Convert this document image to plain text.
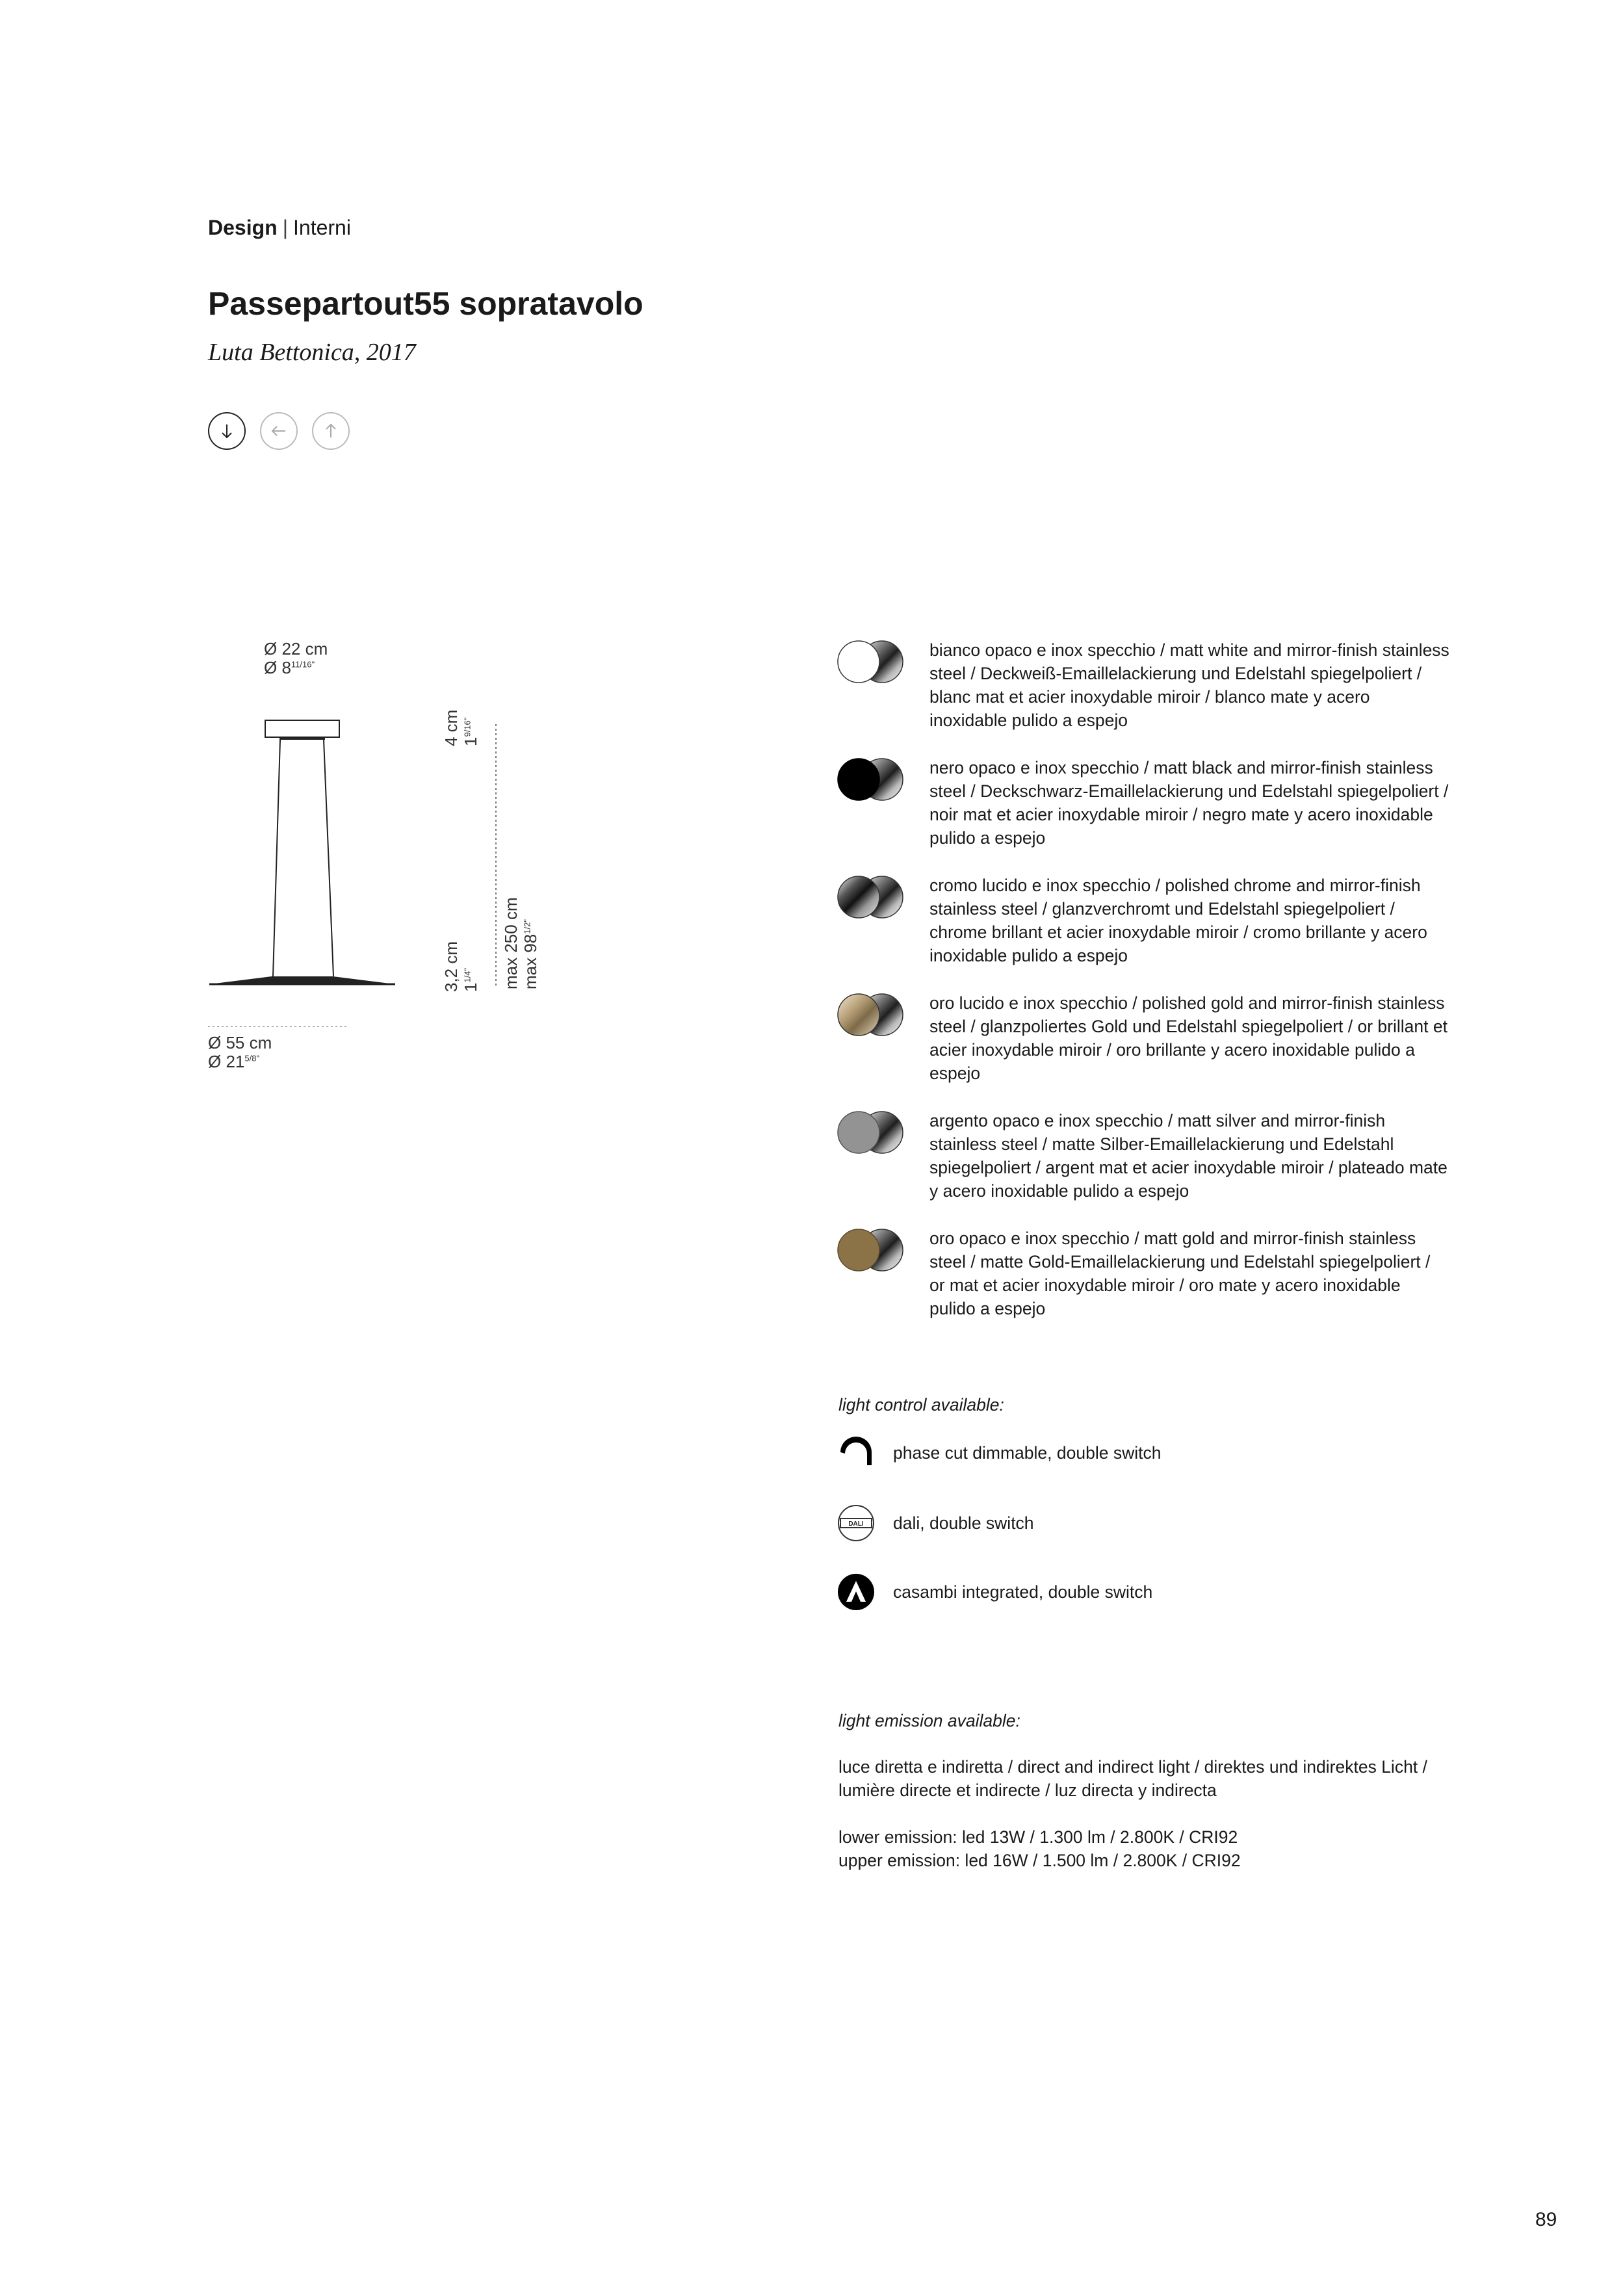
Design | Interni
Passepartout55 sopratavolo
Luta Bettonica, 2017
Ø 22 cm
Ø $8^{11/16"}$
4 cm $1^{9/16"}$
3,2 cm $1^{1/4"}$	max 250 cm $\max 98^{1/2"}$
Ø 55 cm
Ø $21^{5/8"}$
bianco opaco e inox specchio / matt white and mirror-finish stainless steel / Deckweiß-Emaillelackierung und Edelstahl spiegelpoliert / blanc mat et acier inoxydable miroir / blanco mate y acero inoxidable pulido a espejo
nero opaco e inox specchio / matt black and mirror-finish stainless steel / Deckschwarz-Emaillelackierung und Edelstahl spiegelpoliert / noir mat et acier inoxydable miroir / negro mate y acero inoxidable pulido a espejo
cromo lucido e inox specchio / polished chrome and mirror-finish stainless steel / glanzverchromt und Edelstahl spiegelpoliert / chrome brillant et acier inoxydable miroir / cromo brillante y acero inoxidable pulido a espejo
oro lucido e inox specchio / polished gold and mirror-finish stainless steel / glanzpoliertes Gold und Edelstahl spiegelpoliert / or brillant et acier inoxydable miroir / oro brillante y acero inoxidable pulido a espejo
argento opaco e inox specchio / matt silver and mirror-finish stainless steel / matte Silber-Emaillelackierung und Edelstahl spiegelpoliert / argent mat et acier inoxydable miroir / plateado mate y acero inoxidable pulido a espejo
oro opaco e inox specchio / matt gold and mirror-finish stainless steel / matte Gold-Emaillelackierung und Edelstahl spiegelpoliert / or mat et acier inoxydable miroir / oro mate y acero inoxidable pulido a espejo
light control available:
phase cut dimmable, double switch
DALI dali, double switch
casambi integrated, double switch
light emission available:
luce diretta e indiretta / direct and indirect light / direktes und indirektes Licht / lumière directe et indirecte / luz directa y indirecta
lower emission: led 13W / 1.300 lm / 2.800K / CRI92
upper emission: led 16W / 1.500 lm / 2.800K / CRI92
89
